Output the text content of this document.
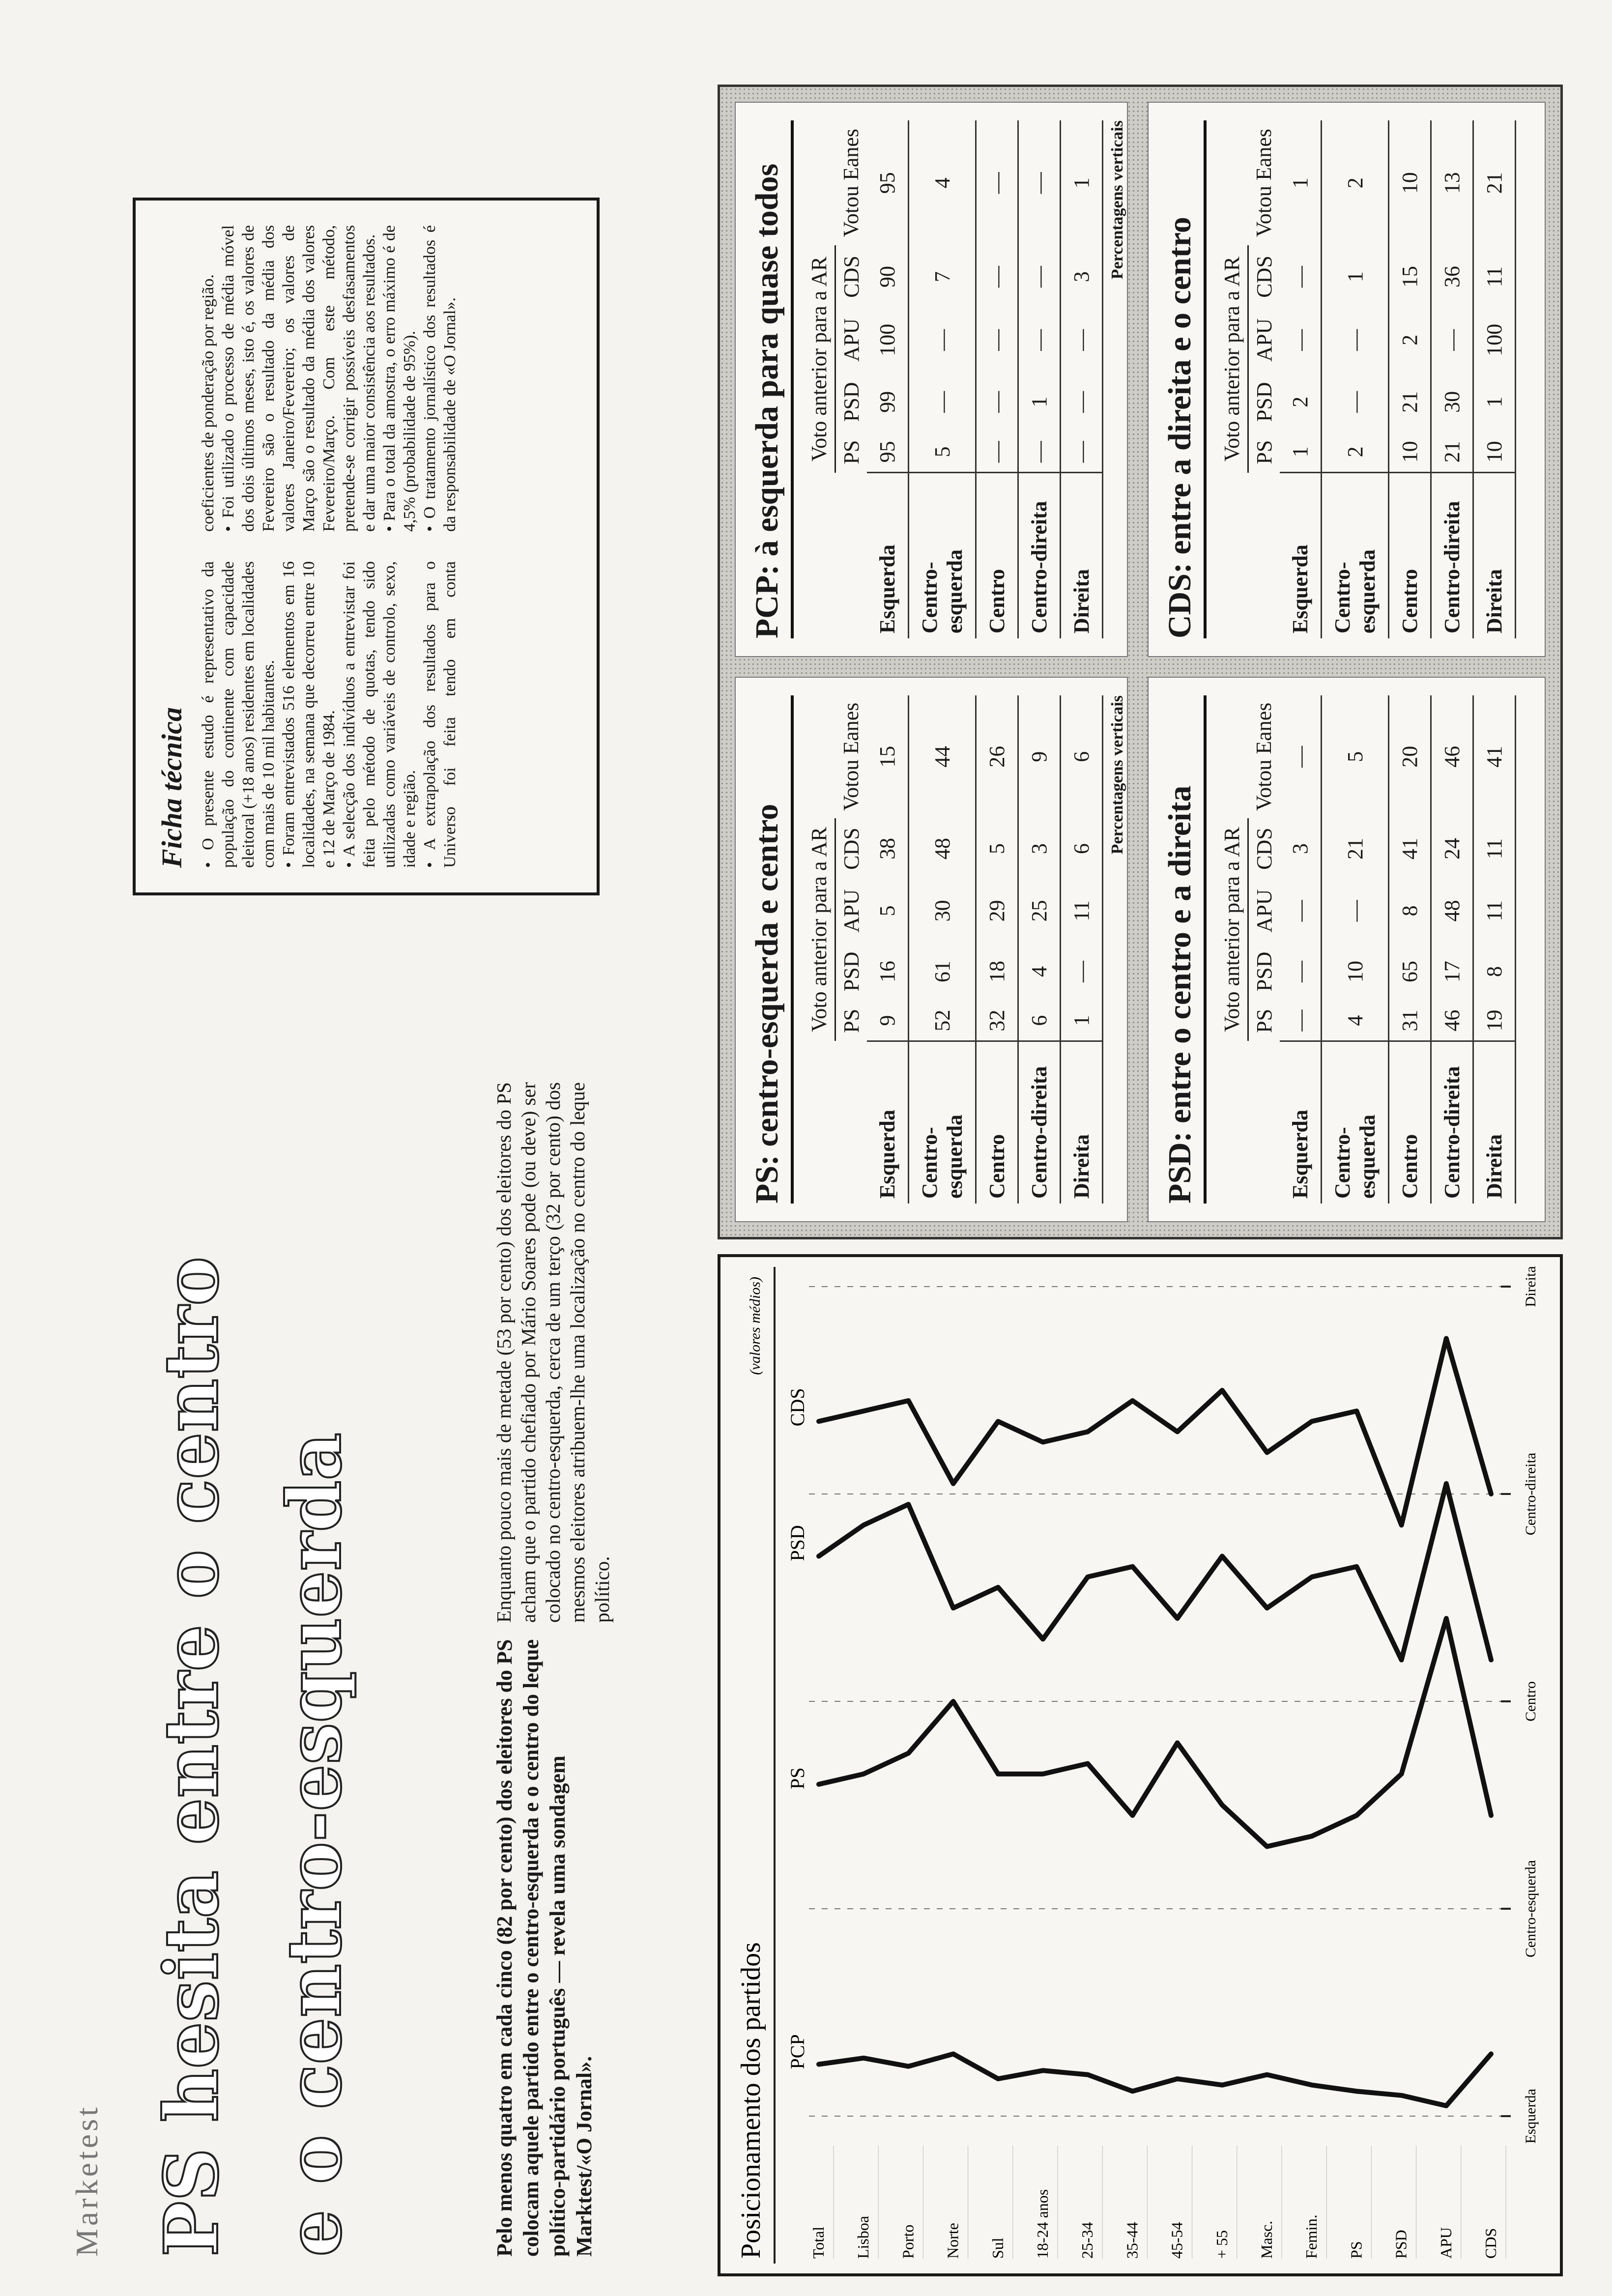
Marketest PS hesita entre o centro e o centro-esquerda	Pelo menos quatro em cada cinco (82 por cento) dos eleitores do PS colocam aquele partido entre o centro-esquerda e o centro do leque político-partidário português — revela uma sondagem Marktest/«O Jornal».
Enquanto pouco mais de metade (53 por cento) dos eleitores do PS acham que o partido chefiado por Mário Soares pode (ou deve) ser colocado no centro-esquerda, cerca de um terço (32 por cento) dos mesmos eleitores atribuem-lhe uma localização no centro do leque político.
Ficha técnica • O presente estudo é representativo da população do continente com capacidade eleitoral (+18 anos) residentes em localidades com mais de 10 mil habitantes. • Foram entrevistados 516 elementos em 16 localidades, na semana que decorreu entre 10 e 12 de Março de 1984. • A selecção dos indivíduos a entrevistar foi feita pelo método de quotas, tendo sido utilizadas como variáveis de controlo, sexo, idade e região. • A extrapolação dos resultados para o Universo foi feita tendo em conta coeficientes de ponderação por região. • Foi utilizado o processo de média móvel dos dois últimos meses, isto é, os valores de Fevereiro são o resultado da média dos valores Janeiro/Fevereiro; os valores de Março são o resultado da média dos valores Fevereiro/Março. Com este método, pretende-se corrigir possíveis desfasamentos e dar uma maior consistência aos resultados. • Para o total da amostra, o erro máximo é de 4,5% (probabilidade de 95%). • O tratamento jornalístico dos resultados é da responsabilidade de «O Jornal».

Posicionamento dos partidos
(valores médios)
PCP
PS
PSD
CDS
Esquerda
Centro-esquerda
Centro
Centro-direita
Direita
Total Lisboa Porto Norte Sul 18-24 anos 25-34 35-44 45-54 + 55 Masc. Femin. PS PSD APU CDS
PS: centro-esquerda e centro
		Voto anterior para a AR				
	PS	PSD	APU	CDS	Votou Eanes
Esquerda	9	16	5	38	15
Centro-esquerda	52	61	30	48	44
Centro	32	18	29	5	26
Centro-direita	6	4	25	3	9
Direita	1	—	11	6	6 Percentagens verticais
PCP: à esquerda para quase todos
		Voto anterior para a AR				
	PS	PSD	APU	CDS	Votou Eanes
Esquerda	95	99	100	90	95
Centro-esquerda	5	—	—	7	4
Centro	—	—	—	—	—
Centro-direita	—	1	—	—	—
Direita	—	—	—	3	1 Percentagens verticais
PSD: entre o centro e a direita
		Voto anterior para a AR				
	PS	PSD	APU	CDS	Votou Eanes
Esquerda	—	—	—	3	—
Centro-esquerda	4	10	—	21	5
Centro	31	65	8	41	20
Centro-direita	46	17	48	24	46
Direita	19	8	11	11	41
CDS: entre a direita e o centro
		Voto anterior para a AR				
	PS	PSD	APU	CDS	Votou Eanes
Esquerda	1	2	—	—	1
Centro-esquerda	2	—	—	1	2
Centro	10	21	2	15	10
Centro-direita	21	30	—	36	13
Direita	10	1	100	11	21
